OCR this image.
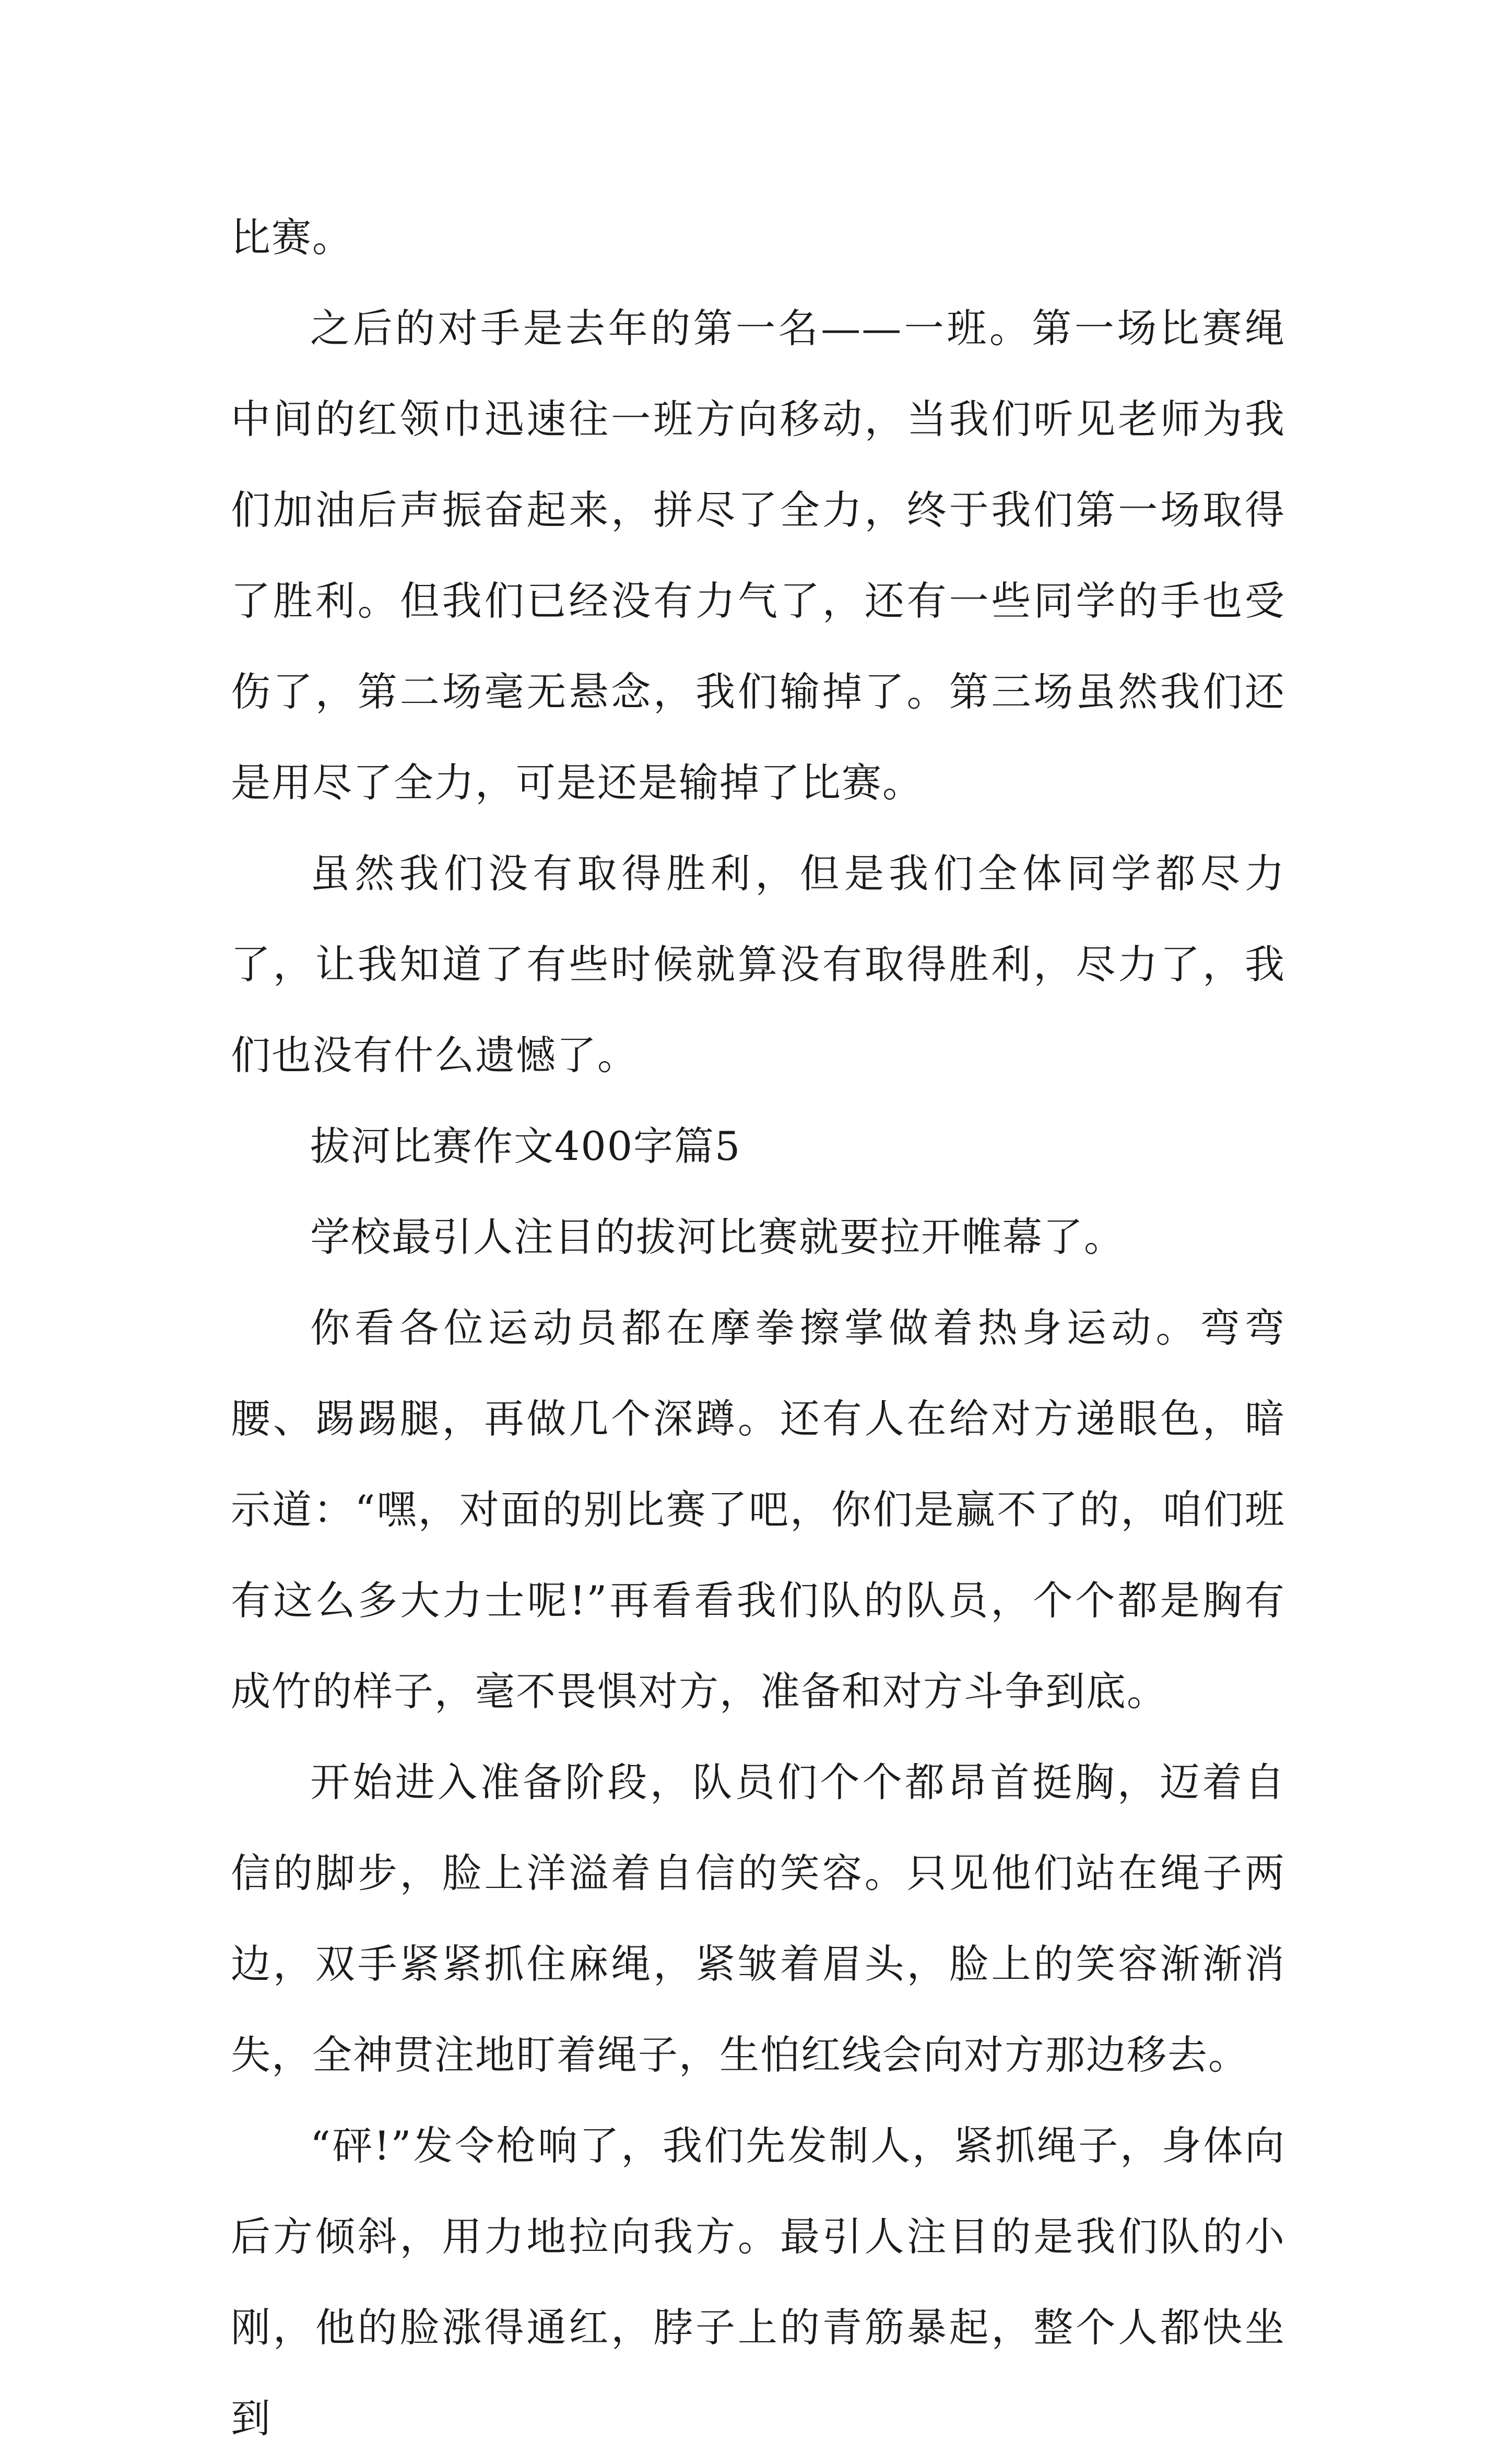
比赛。

之后的对手是去年的第一名——一班。第一场比赛绳中间的红领巾迅速往一班方向移动，当我们听见老师为我们加油后声振奋起来，拼尽了全力，终于我们第一场取得了胜利。但我们已经没有力气了，还有一些同学的手也受伤了，第二场毫无悬念，我们输掉了。第三场虽然我们还是用尽了全力，可是还是输掉了比赛。

虽然我们没有取得胜利，但是我们全体同学都尽力了，让我知道了有些时候就算没有取得胜利，尽力了，我们也没有什么遗憾了。

拔河比赛作文400字篇5

学校最引人注目的拔河比赛就要拉开帷幕了。

你看各位运动员都在摩拳擦掌做着热身运动。弯弯腰、踢踢腿，再做几个深蹲。还有人在给对方递眼色，暗示道：“嘿，对面的别比赛了吧，你们是赢不了的，咱们班有这么多大力士呢!”再看看我们队的队员，个个都是胸有成竹的样子，毫不畏惧对方，准备和对方斗争到底。

开始进入准备阶段，队员们个个都昂首挺胸，迈着自信的脚步，脸上洋溢着自信的笑容。只见他们站在绳子两边，双手紧紧抓住麻绳，紧皱着眉头，脸上的笑容渐渐消失，全神贯注地盯着绳子，生怕红线会向对方那边移去。

“砰!”发令枪响了，我们先发制人，紧抓绳子，身体向后方倾斜，用力地拉向我方。最引人注目的是我们队的小刚，他的脸涨得通红，脖子上的青筋暴起，整个人都快坐到
